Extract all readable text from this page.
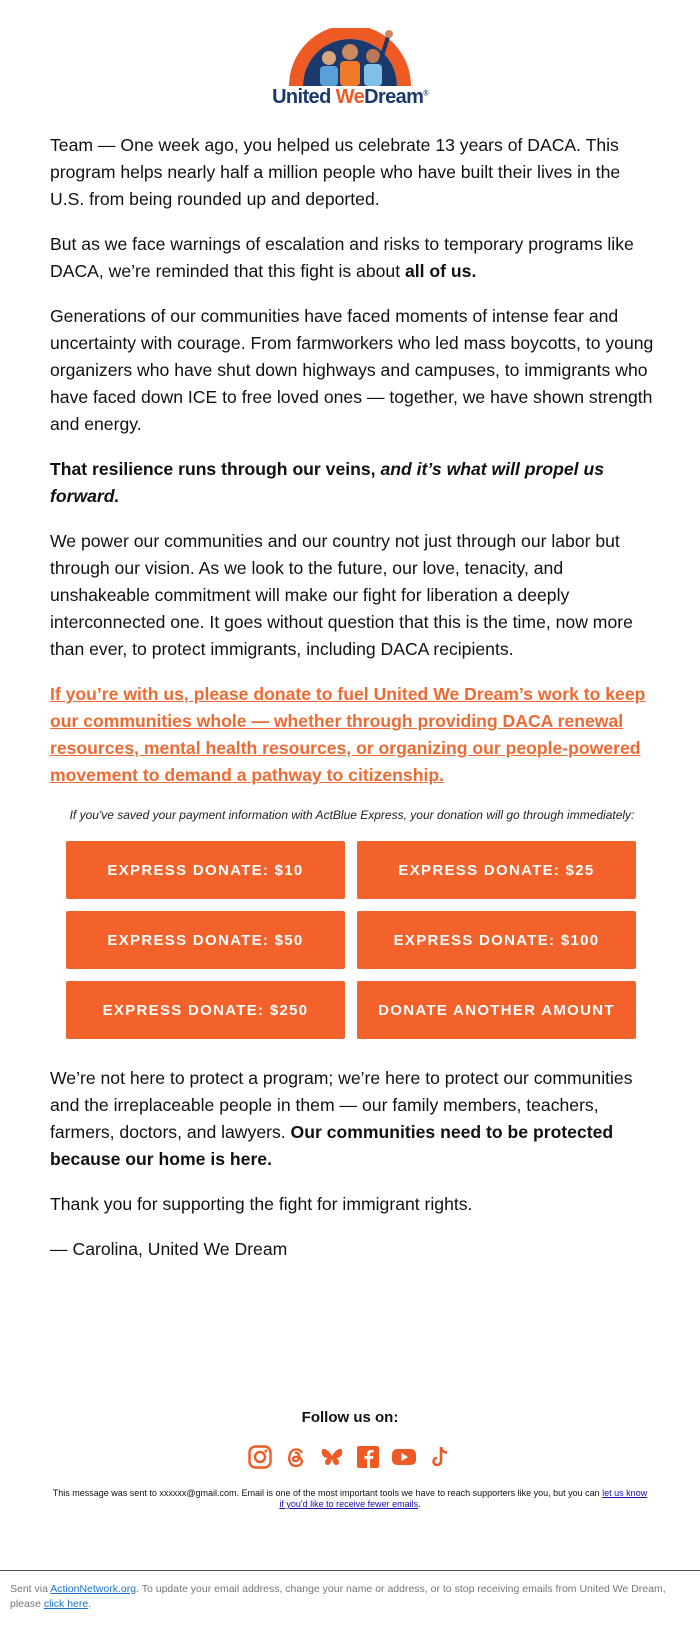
United WeDream®

Team — One week ago, you helped us celebrate 13 years of DACA. This program helps nearly half a million people who have built their lives in the U.S. from being rounded up and deported.

But as we face warnings of escalation and risks to temporary programs like DACA, we’re reminded that this fight is about all of us.

Generations of our communities have faced moments of intense fear and uncertainty with courage. From farmworkers who led mass boycotts, to young organizers who have shut down highways and campuses, to immigrants who have faced down ICE to free loved ones — together, we have shown strength and energy.

That resilience runs through our veins, and it’s what will propel us forward.

We power our communities and our country not just through our labor but through our vision. As we look to the future, our love, tenacity, and unshakeable commitment will make our fight for liberation a deeply interconnected one. It goes without question that this is the time, now more than ever, to protect immigrants, including DACA recipients.

If you’re with us, please donate to fuel United We Dream’s work to keep our communities whole — whether through providing DACA renewal resources, mental health resources, or organizing our people-powered movement to demand a pathway to citizenship.

If you've saved your payment information with ActBlue Express, your donation will go through immediately:

EXPRESS DONATE: $10	EXPRESS DONATE: $25
EXPRESS DONATE: $50	EXPRESS DONATE: $100
EXPRESS DONATE: $250	DONATE ANOTHER AMOUNT

We’re not here to protect a program; we’re here to protect our communities and the irreplaceable people in them — our family members, teachers, farmers, doctors, and lawyers. Our communities need to be protected because our home is here.

Thank you for supporting the fight for immigrant rights.

— Carolina, United We Dream

Follow us on:
This message was sent to xxxxxx@gmail.com. Email is one of the most important tools we have to reach supporters like you, but you can let us know if you'd like to receive fewer emails.
Sent via ActionNetwork.org. To update your email address, change your name or address, or to stop receiving emails from United We Dream, please click here.
